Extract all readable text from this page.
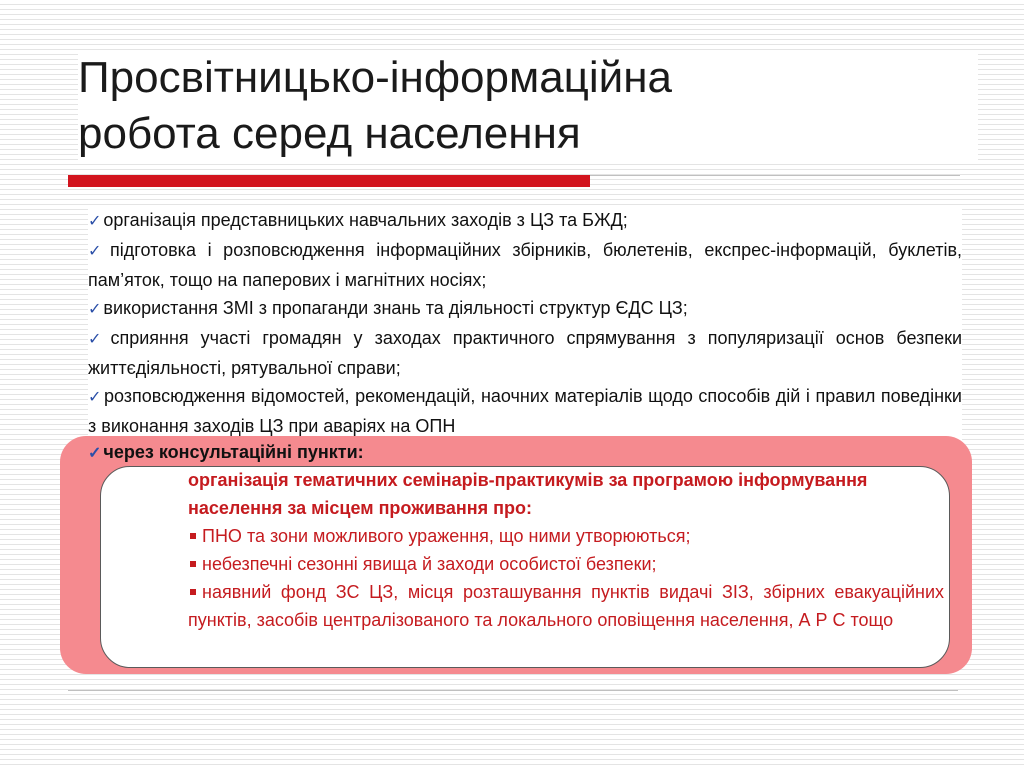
Просвітницько-інформаційна
робота серед населення
✓ організація представницьких навчальних заходів з ЦЗ та БЖД;
✓ підготовка і розповсюдження інформаційних збірників, бюлетенів, експрес-інформацій, буклетів, пам’яток, тощо на паперових і магнітних носіях;
✓ використання ЗМІ з пропаганди знань та діяльності структур ЄДС ЦЗ;
✓ сприяння участі громадян у заходах практичного спрямування з популяризації основ безпеки життєдіяльності, рятувальної справи;
✓ розповсюдження відомостей, рекомендацій, наочних матеріалів щодо способів дій і правил поведінки з виконання заходів ЦЗ при аваріях на ОПН
✓ через консультаційні пункти:
організація тематичних семінарів-практикумів за програмою інформування населення за місцем проживання про:
ПНО та зони можливого ураження, що ними утворюються;
небезпечні сезонні явища й заходи особистої безпеки;
наявний фонд ЗС ЦЗ, місця розташування пунктів видачі ЗІЗ, збірних евакуаційних пунктів, засобів централізованого та локального оповіщення населення, А Р С тощо
